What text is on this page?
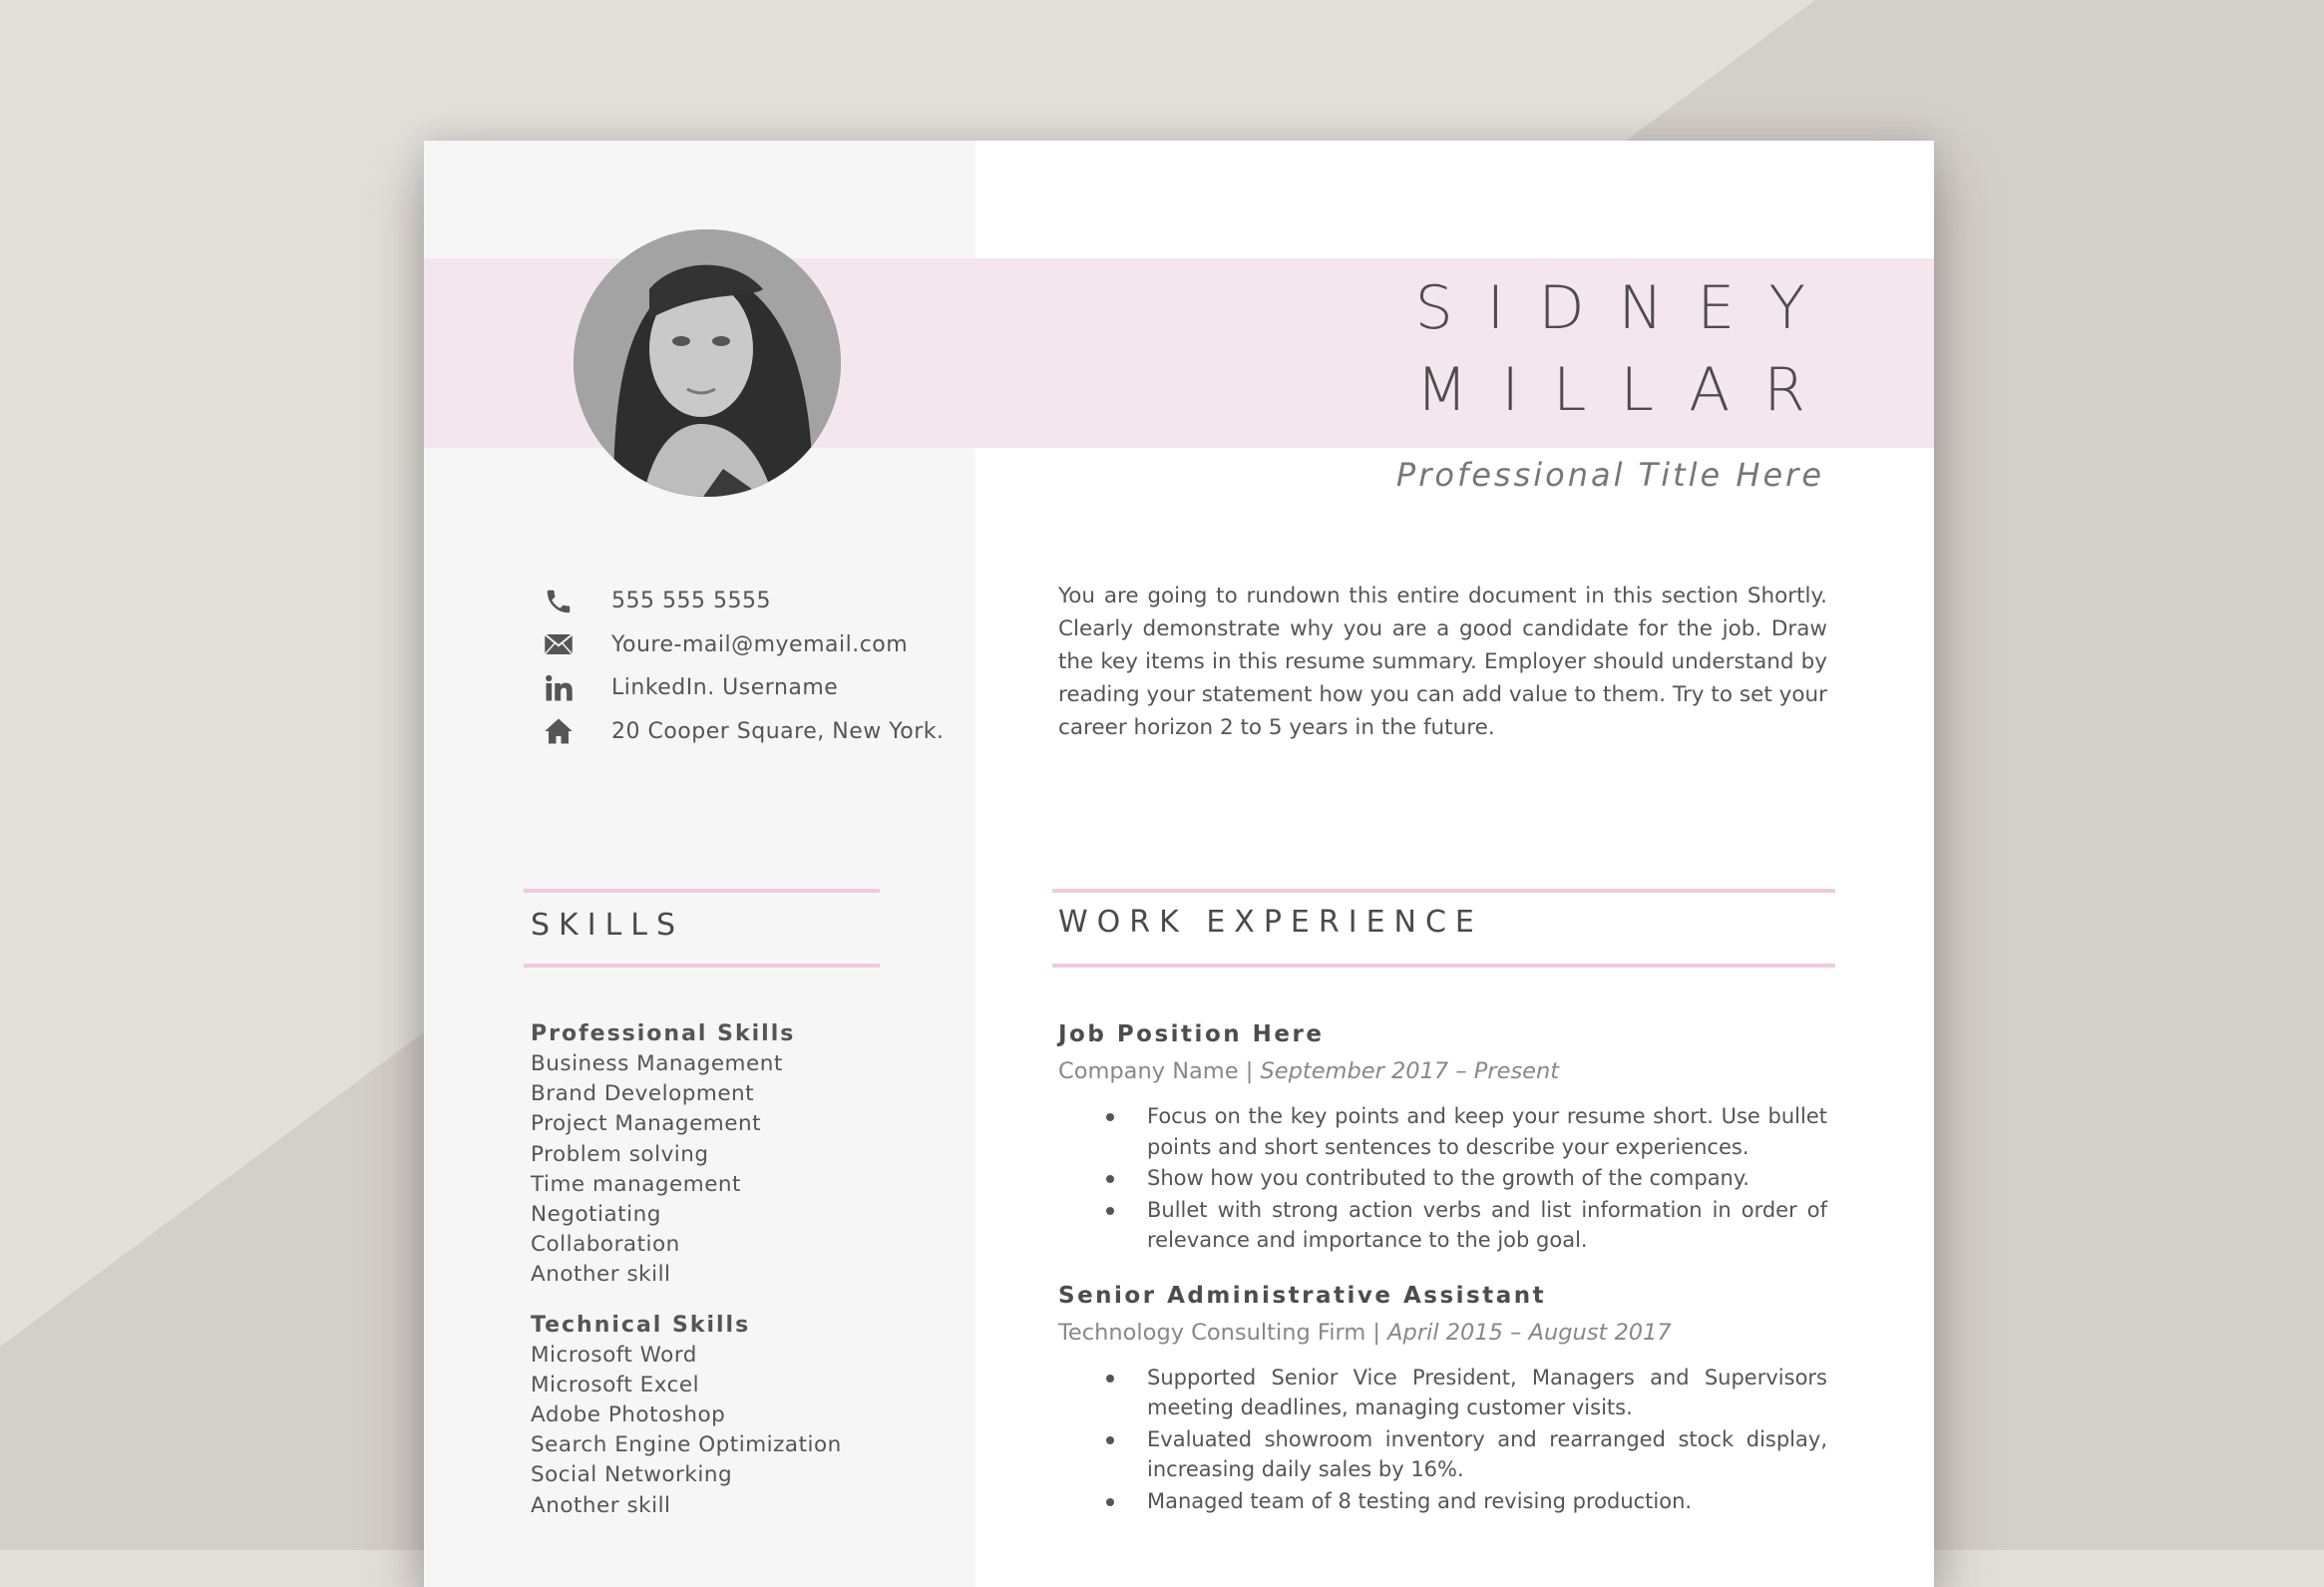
SIDNEY
MILLAR
Professional Title Here
555 555 5555
Youre-mail@myemail.com
LinkedIn. Username
20 Cooper Square, New York.
You are going to rundown this entire document in this section Shortly. Clearly demonstrate why you are a good candidate for the job. Draw the key items in this resume summary. Employer should understand by reading your statement how you can add value to them. Try to set your career horizon 2 to 5 years in the future.
SKILLS	WORK EXPERIENCE
Professional Skills
Business Management
Brand Development
Project Management
Problem solving
Time management
Negotiating
Collaboration
Another skill
Technical Skills
Microsoft Word
Microsoft Excel
Adobe Photoshop
Search Engine Optimization
Social Networking
Another skill
Job Position Here
Company Name | September 2017 – Present
Focus on the key points and keep your resume short. Use bullet points and short sentences to describe your experiences.
Show how you contributed to the growth of the company.
Bullet with strong action verbs and list information in order of relevance and importance to the job goal.
Senior Administrative Assistant
Technology Consulting Firm | April 2015 – August 2017
Supported Senior Vice President, Managers and Supervisors meeting deadlines, managing customer visits.
Evaluated showroom inventory and rearranged stock display, increasing daily sales by 16%.
Managed team of 8 testing and revising production.
